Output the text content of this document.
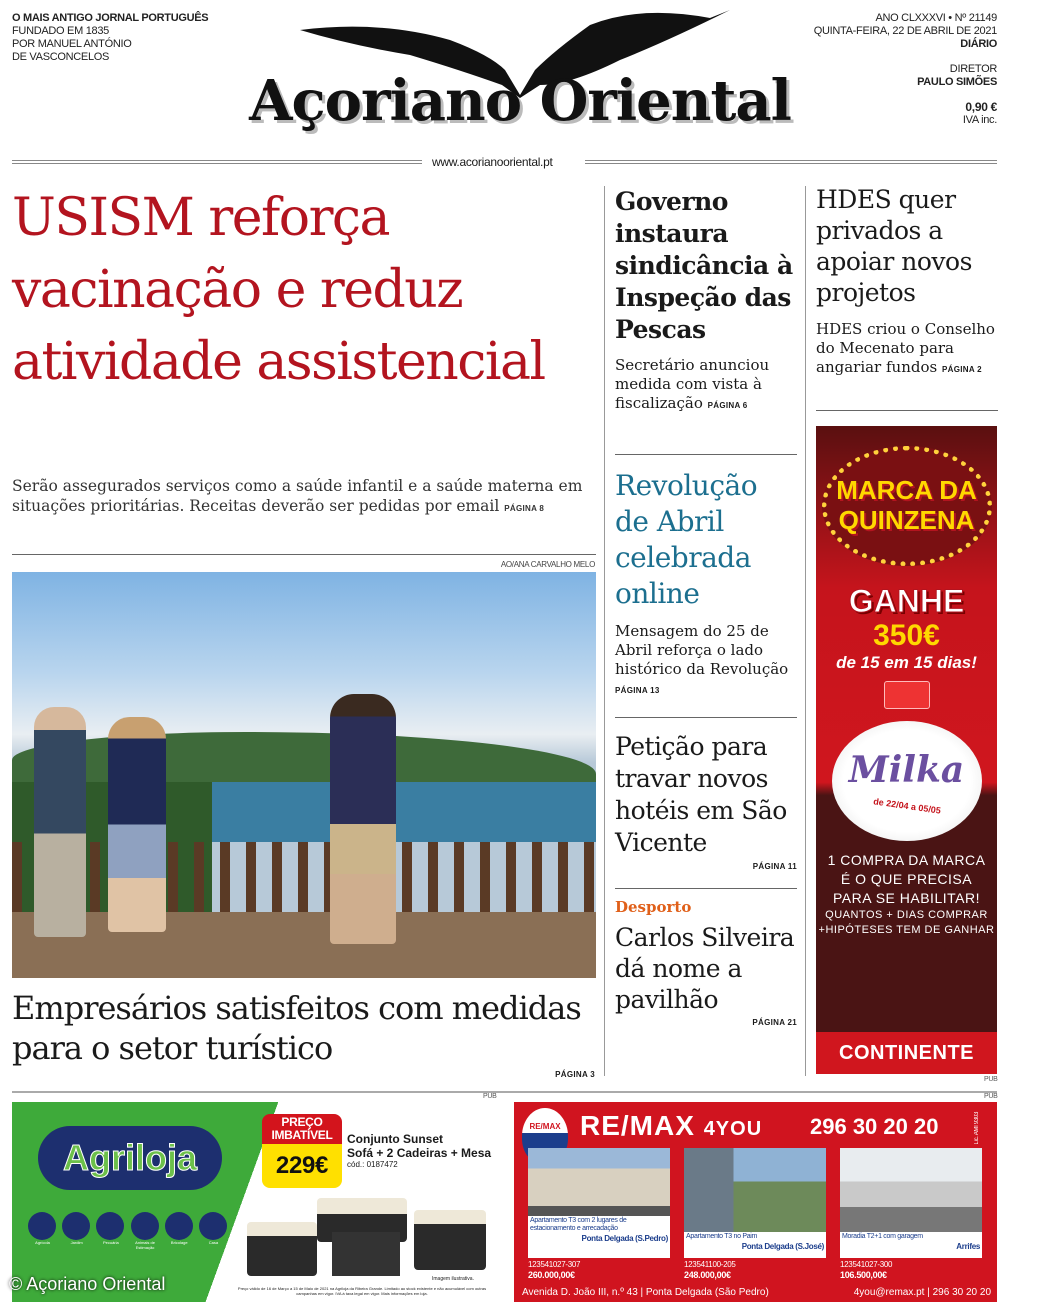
O MAIS ANTIGO JORNAL PORTUGUÊS
FUNDADO EM 1835
POR MANUEL ANTÓNIO
DE VASCONCELOS
Açoriano Oriental
ANO CLXXXVI • Nº 21149
QUINTA-FEIRA, 22 DE ABRIL DE 2021
DIÁRIO
DIRETOR
PAULO SIMÕES
0,90 €
IVA inc.
www.acorianooriental.pt
USISM reforça vacinação e reduz atividade assistencial
Serão assegurados serviços como a saúde infantil e a saúde materna em situações prioritárias. Receitas deverão ser pedidas por email PÁGINA 8
AO/ANA CARVALHO MELO
Empresários satisfeitos com medidas para o setor turístico
PÁGINA 3
Governo instaura sindicância à Inspeção das Pescas

Secretário anunciou medida com vista à fiscalização PÁGINA 6

Revolução de Abril celebrada online

Mensagem do 25 de Abril reforça o lado histórico da Revolução PÁGINA 13

Petição para travar novos hotéis em São Vicente
PÁGINA 11
Desporto
Carlos Silveira dá nome a pavilhão
PÁGINA 21
HDES quer privados a apoiar novos projetos

HDES criou o Conselho do Mecenato para angariar fundos PÁGINA 2

MARCA DA
QUINZENA
GANHE
350€
de 15 em 15 dias!
Milka
de 22/04 a 05/05
1 COMPRA DA MARCA
É O QUE PRECISA
PARA SE HABILITAR!
QUANTOS + DIAS COMPRAR
+HIPÓTESES TEM DE GANHAR
CONTINENTE
PUB
PUB	PUB
Agriloja
Agrícola	Jardim	Pecuária	Animais de Estimação
Bricolage	Casa
PREÇO
IMBATÍVEL
229€
Conjunto Sunset
Sofá + 2 Cadeiras + Mesa
cód.: 0187472
Imagem ilustrativa.
Preço válido de 16 de Março a 15 de Maio de 2021 na Agriloja da Ribeira Grande. Limitado ao stock existente e não acumulável com outras campanhas em vigor. IVA à taxa legal em vigor. Mais informações em loja.
© Açoriano Oriental
RE/MAX RE/MAX 4YOU 296 30 20 20	Lic. AMI 9303
Apartamento T3 com 2 lugares de estacionamento e arrecadação
Ponta Delgada (S.Pedro)	Apartamento T3 no Paim
Ponta Delgada (S.José)
Moradia T2+1 com garagem
Arrifes
123541027-307
260.000,00€
123541100-205
248.000,00€
123541027-300
106.500,00€
Avenida D. João III, n.º 43 | Ponta Delgada (São Pedro)	4you@remax.pt | 296 30 20 20
